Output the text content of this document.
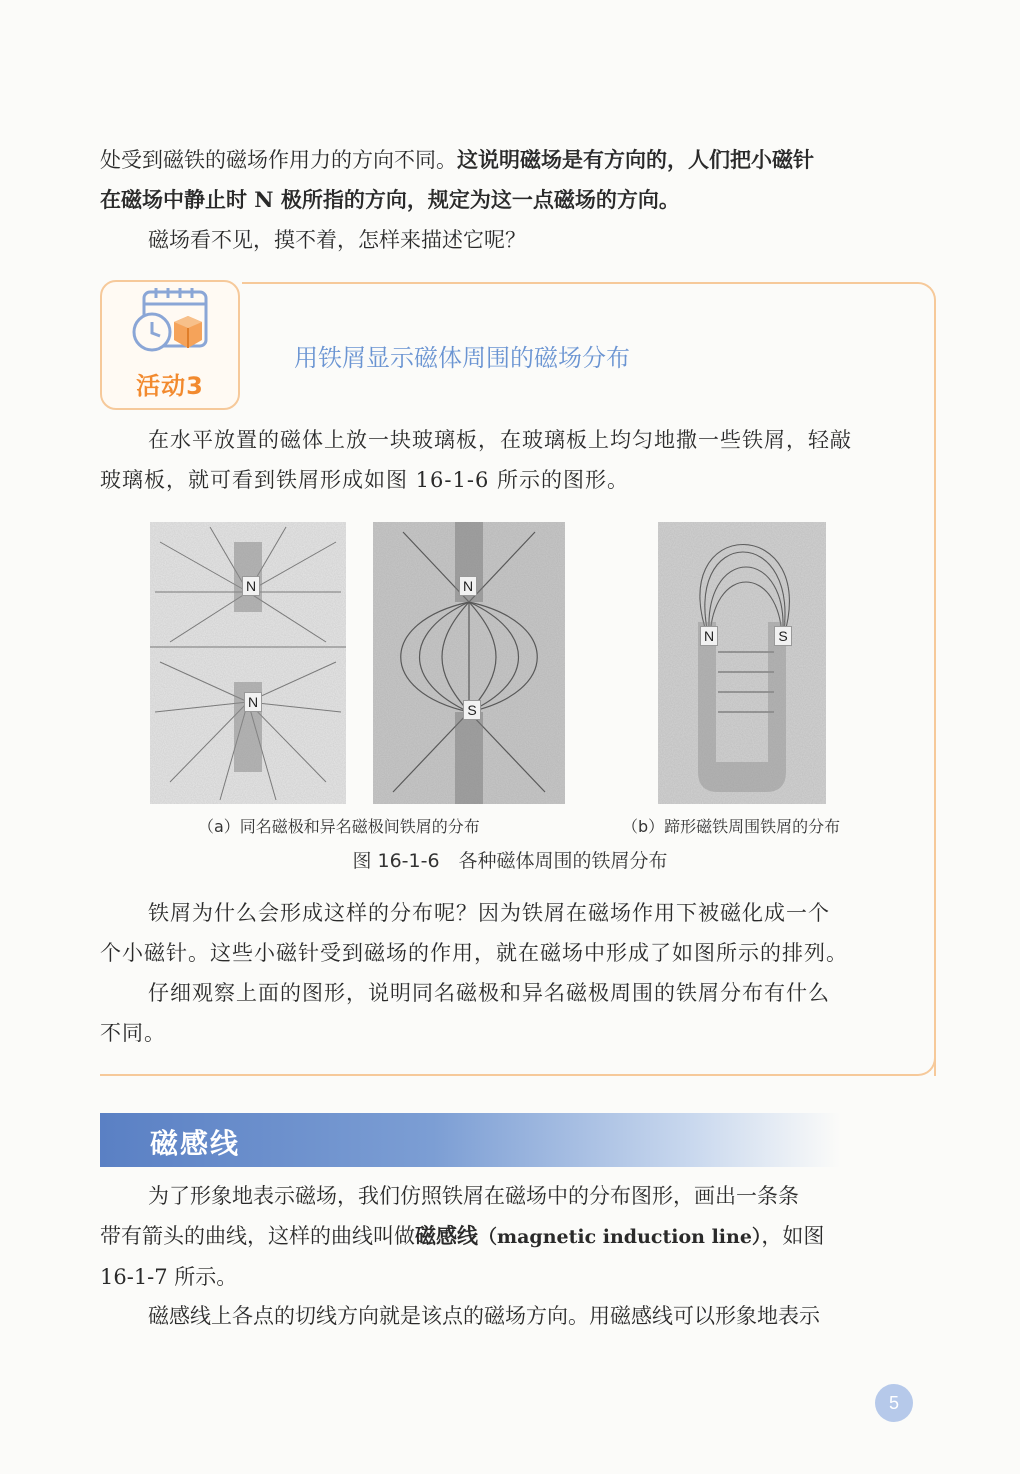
处受到磁铁的磁场作用力的方向不同。这说明磁场是有方向的，人们把小磁针
在磁场中静止时 N 极所指的方向，规定为这一点磁场的方向。
磁场看不见，摸不着，怎样来描述它呢？

活动3
用铁屑显示磁体周围的磁场分布

在水平放置的磁体上放一块玻璃板，在玻璃板上均匀地撒一些铁屑，轻敲
玻璃板，就可看到铁屑形成如图 16-1-6 所示的图形。

N
N
N
S
N	S
（a）同名磁极和异名磁极间铁屑的分布	（b）蹄形磁铁周围铁屑的分布
图 16-1-6　各种磁体周围的铁屑分布

铁屑为什么会形成这样的分布呢？因为铁屑在磁场作用下被磁化成一个
个小磁针。这些小磁针受到磁场的作用，就在磁场中形成了如图所示的排列。
仔细观察上面的图形，说明同名磁极和异名磁极周围的铁屑分布有什么
不同。

磁感线

为了形象地表示磁场，我们仿照铁屑在磁场中的分布图形，画出一条条
带有箭头的曲线，这样的曲线叫做磁感线（magnetic induction line），如图
16-1-7 所示。

磁感线上各点的切线方向就是该点的磁场方向。用磁感线可以形象地表示

5
